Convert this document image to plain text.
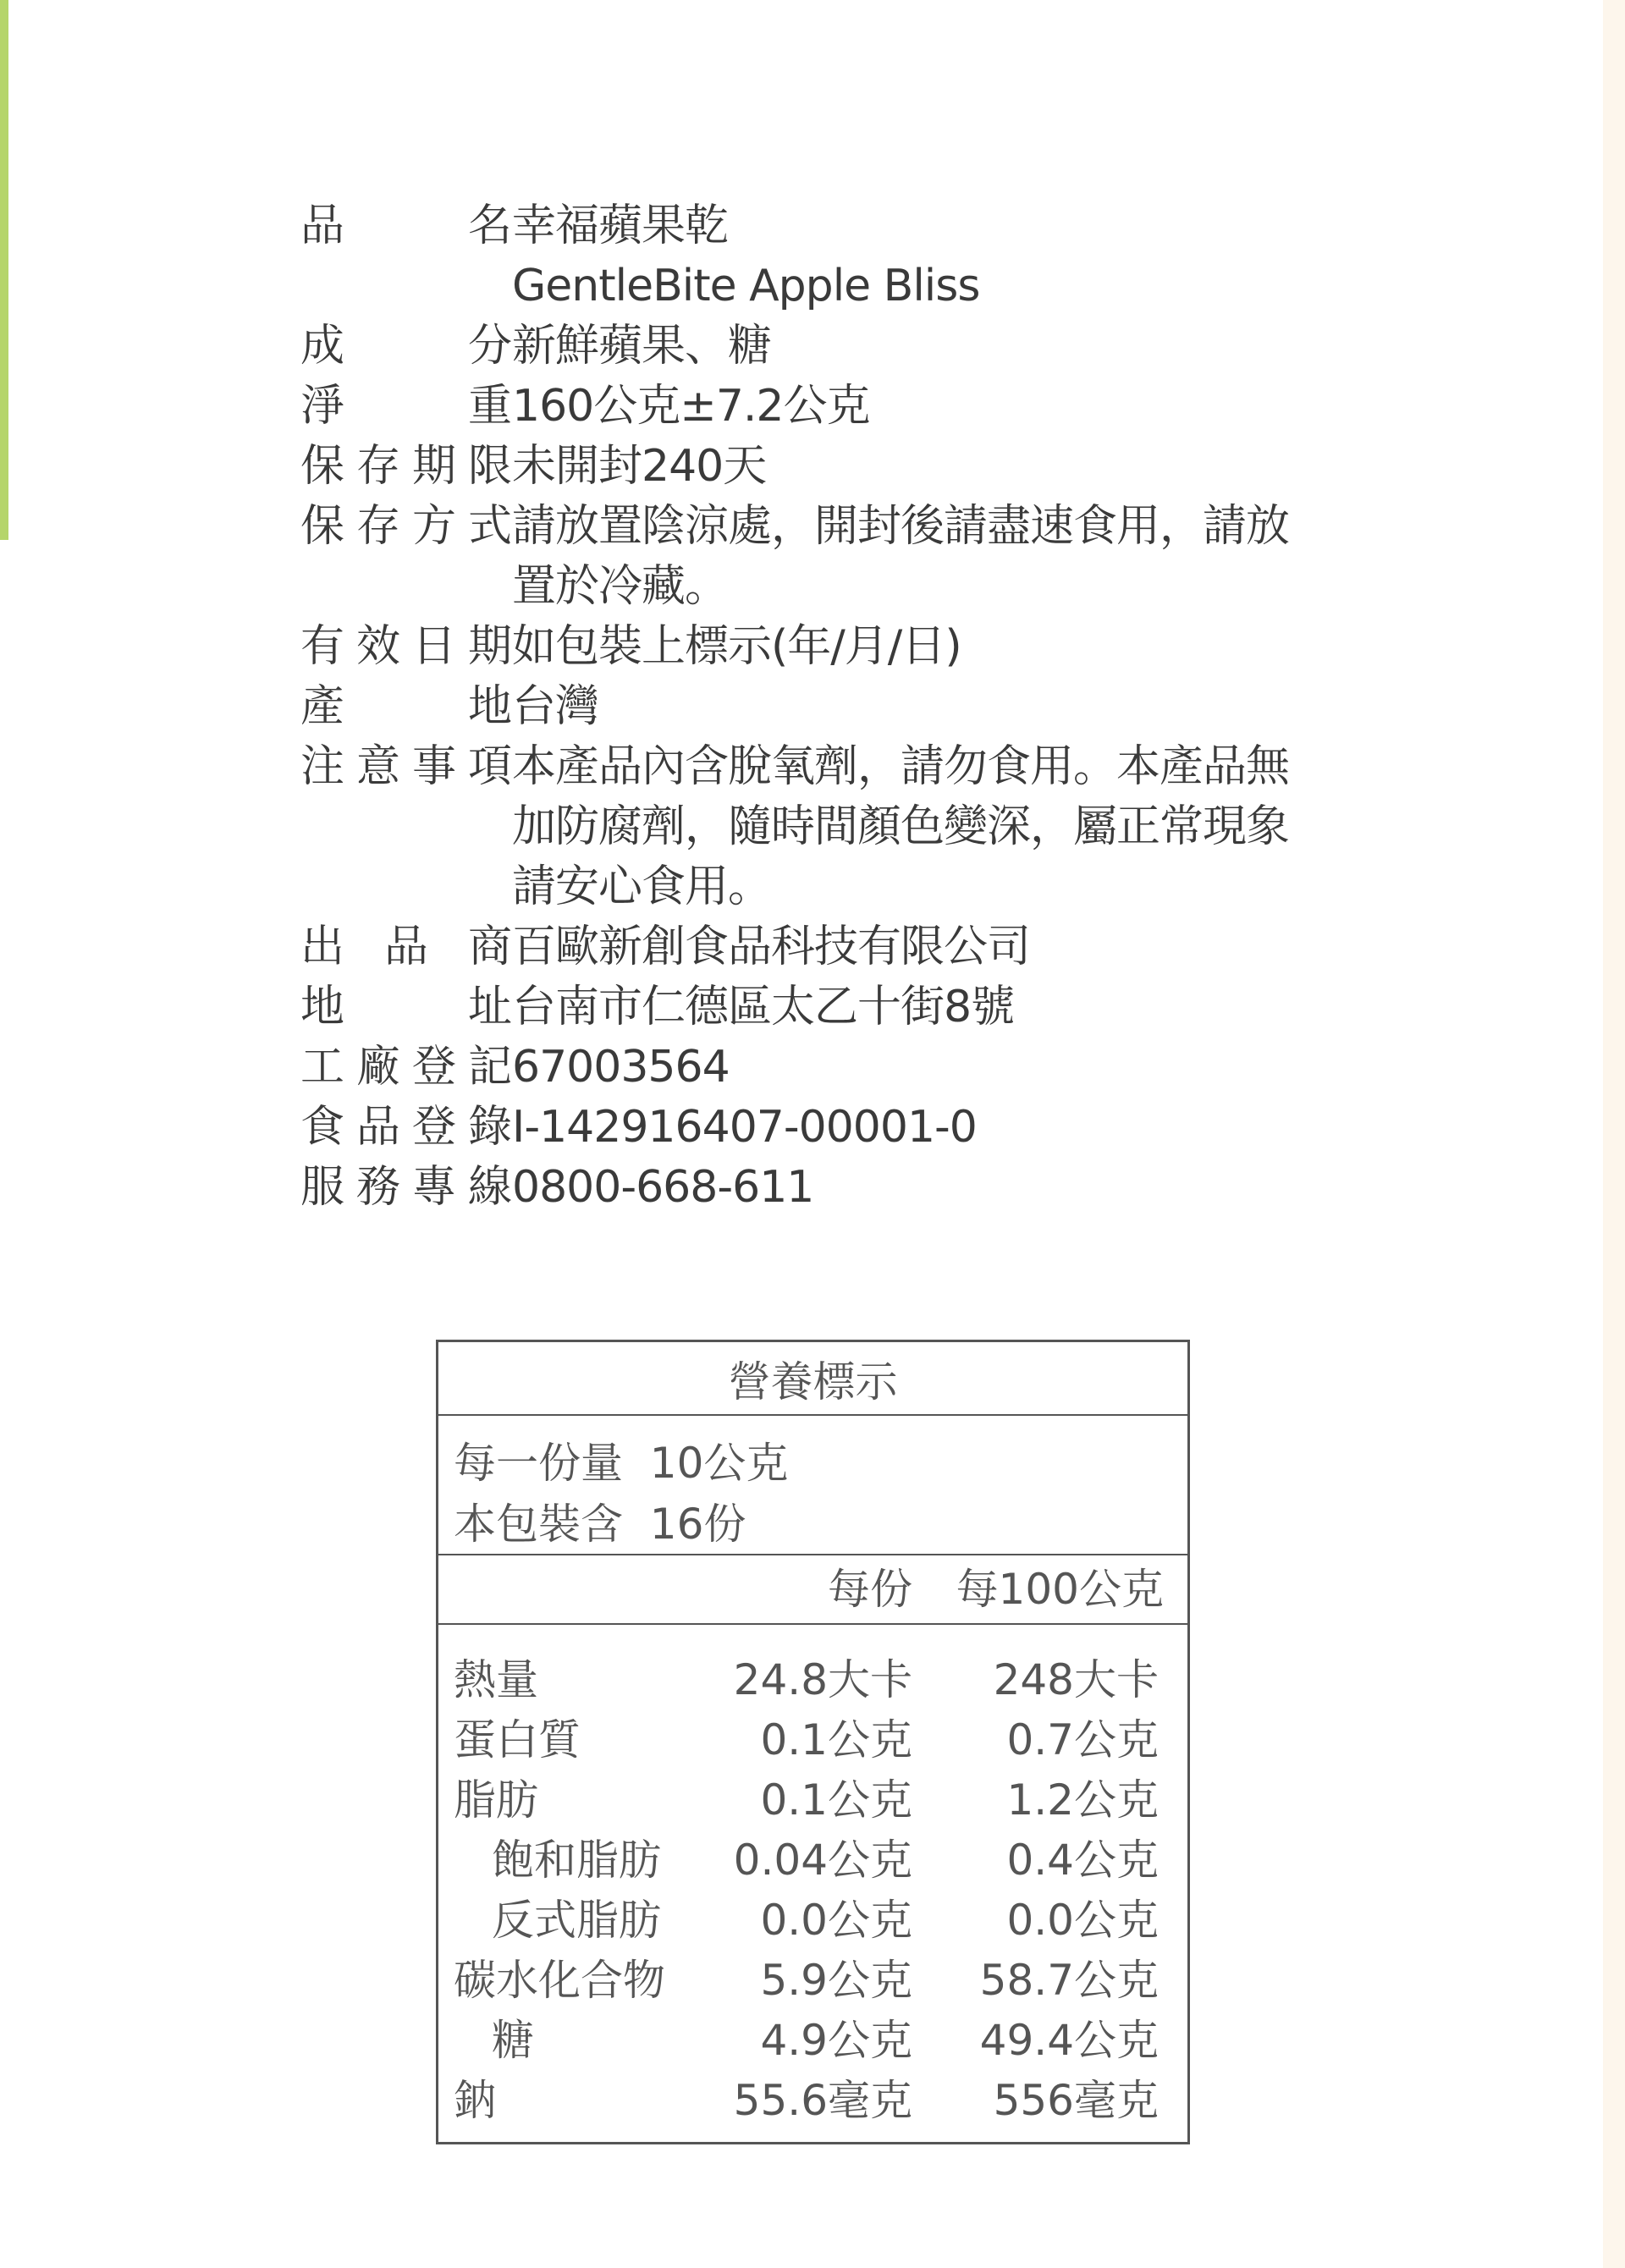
品	名 幸福蘋果乾
GentleBite Apple Bliss
成	分 新鮮蘋果、糖
淨	重 160公克±7.2公克
保 存 期 限 未開封240天
保 存 方 式 請放置陰涼處，開封後請盡速食用，請放
置於冷藏。
有 效 日 期 如包裝上標示(年/月/日)
產	地 台灣
注 意 事 項 本產品內含脫氧劑，請勿食用。本產品無
加防腐劑，隨時間顏色變深，屬正常現象
請安心食用。
出 品 商 百歐新創食品科技有限公司
地	址 台南市仁德區太乙十街8號
工 廠 登 記 67003564
食 品 登 錄 I-142916407-00001-0
服 務 專 線 0800-668-611
營養標示
每一份量  10公克
本包裝含  16份
每份 每100公克
熱量	24.8大卡 248大卡
蛋白質	0.1公克 0.7公克
脂肪	0.1公克 1.2公克
飽和脂肪 0.04公克 0.4公克
反式脂肪 0.0公克 0.0公克
碳水化合物 5.9公克 58.7公克
糖	4.9公克 49.4公克
鈉	55.6毫克 556毫克
